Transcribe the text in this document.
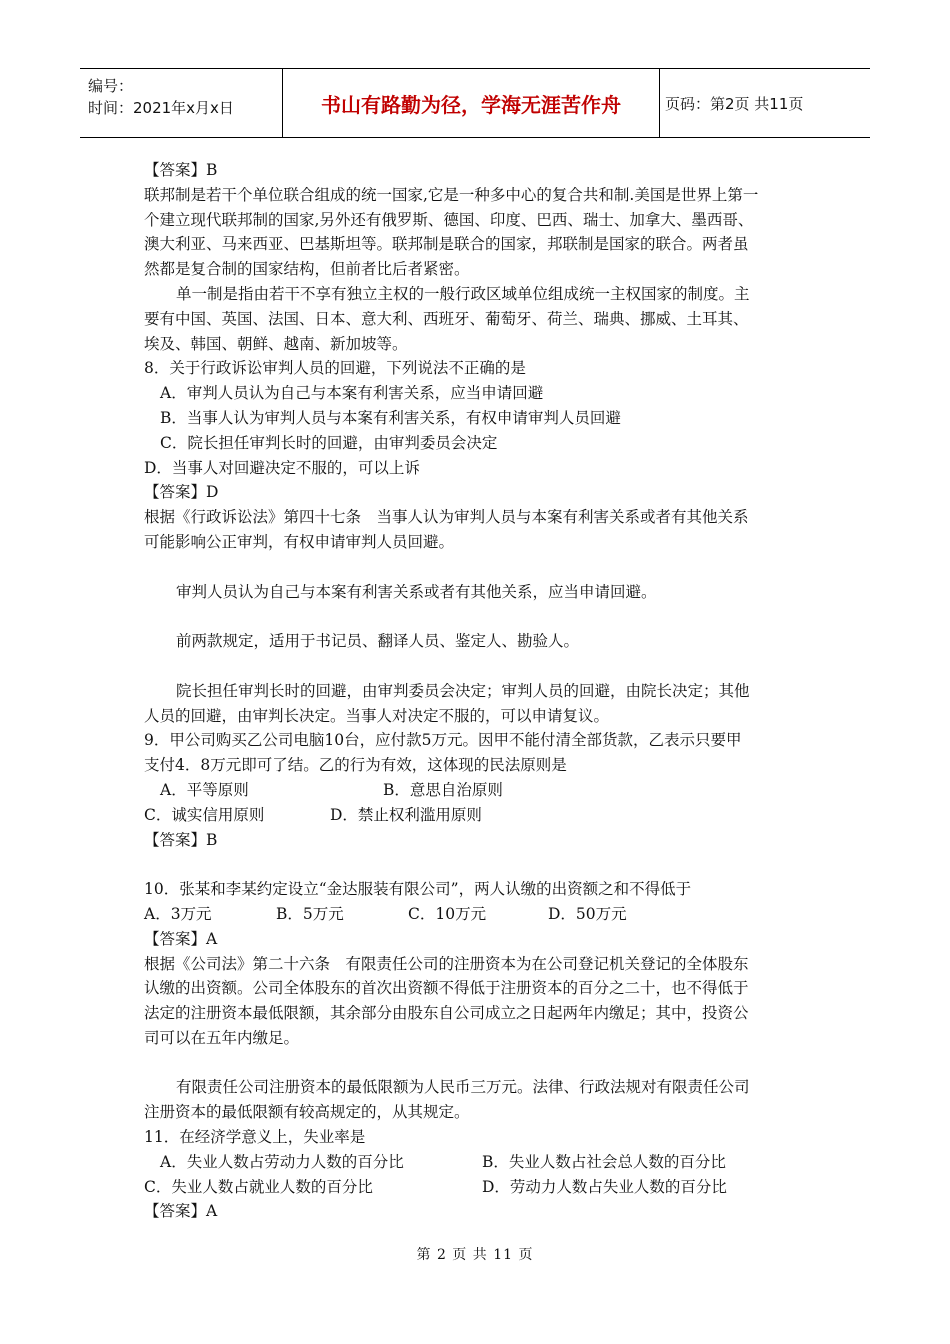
编号：
时间：2021年x月x日	书山有路勤为径，学海无涯苦作舟	页码：第2页 共11页
【答案】B
联邦制是若干个单位联合组成的统一国家,它是一种多中心的复合共和制.美国是世界上第一
个建立现代联邦制的国家,另外还有俄罗斯、德国、印度、巴西、瑞士、加拿大、墨西哥、
澳大利亚、马来西亚、巴基斯坦等。联邦制是联合的国家，邦联制是国家的联合。两者虽
然都是复合制的国家结构，但前者比后者紧密。
单一制是指由若干不享有独立主权的一般行政区域单位组成统一主权国家的制度。主
要有中国、英国、法国、日本、意大利、西班牙、葡萄牙、荷兰、瑞典、挪威、土耳其、
埃及、韩国、朝鲜、越南、新加坡等。
8．关于行政诉讼审判人员的回避，下列说法不正确的是
A．审判人员认为自己与本案有利害关系，应当申请回避
B．当事人认为审判人员与本案有利害关系，有权申请审判人员回避
C．院长担任审判长时的回避，由审判委员会决定
D．当事人对回避决定不服的，可以上诉
【答案】D
根据《行政诉讼法》第四十七条　当事人认为审判人员与本案有利害关系或者有其他关系
可能影响公正审判，有权申请审判人员回避。
审判人员认为自己与本案有利害关系或者有其他关系，应当申请回避。
前两款规定，适用于书记员、翻译人员、鉴定人、勘验人。
院长担任审判长时的回避，由审判委员会决定；审判人员的回避，由院长决定；其他
人员的回避，由审判长决定。当事人对决定不服的，可以申请复议。
9．甲公司购买乙公司电脑10台，应付款5万元。因甲不能付清全部货款，乙表示只要甲
支付4．8万元即可了结。乙的行为有效，这体现的民法原则是
A．平等原则	B．意思自治原则
C．诚实信用原则	D．禁止权利滥用原则
【答案】B
10．张某和李某约定设立“金达服装有限公司”，两人认缴的出资额之和不得低于
A．3万元	B．5万元	C．10万元	D．50万元
【答案】A
根据《公司法》第二十六条　有限责任公司的注册资本为在公司登记机关登记的全体股东
认缴的出资额。公司全体股东的首次出资额不得低于注册资本的百分之二十，也不得低于
法定的注册资本最低限额，其余部分由股东自公司成立之日起两年内缴足；其中，投资公
司可以在五年内缴足。
有限责任公司注册资本的最低限额为人民币三万元。法律、行政法规对有限责任公司
注册资本的最低限额有较高规定的，从其规定。
11．在经济学意义上，失业率是
A．失业人数占劳动力人数的百分比	B．失业人数占社会总人数的百分比
C．失业人数占就业人数的百分比	D．劳动力人数占失业人数的百分比
【答案】A
第 2 页 共 11 页
